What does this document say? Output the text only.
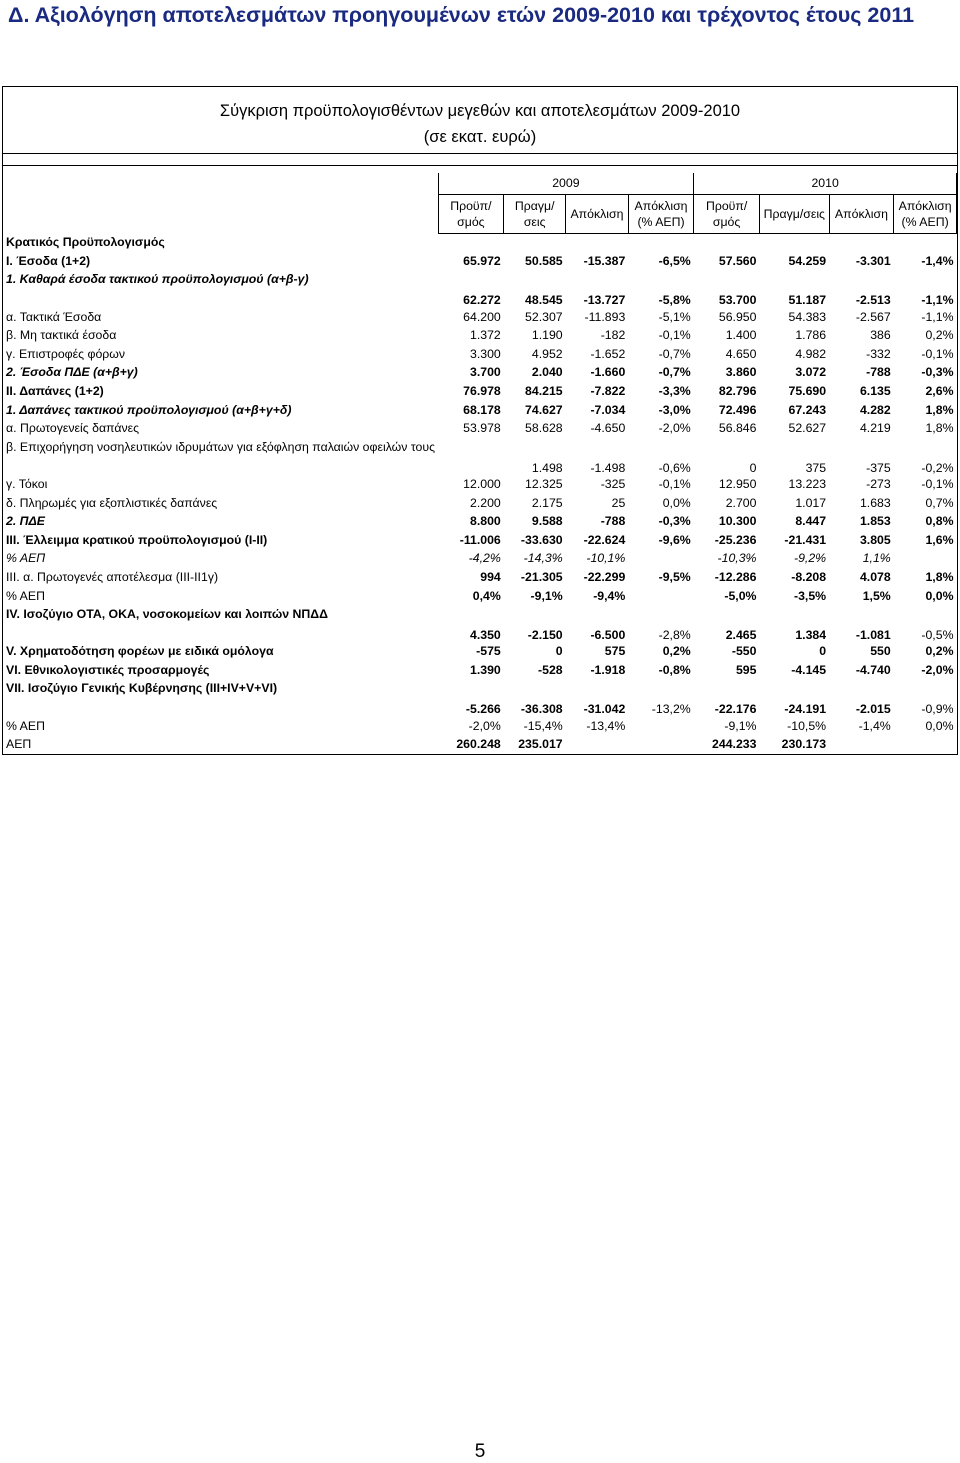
Δ. Αξιολόγηση αποτελεσμάτων προηγουμένων ετών 2009-2010 και τρέχοντος έτους 2011
Σύγκριση προϋπολογισθέντων μεγεθών και αποτελεσμάτων 2009-2010
(σε εκατ. ευρώ)
	2009				2010			
	Προϋπ/σμός	Πραγμ/σεις	Απόκλιση	Απόκλιση (% ΑΕΠ)	Προϋπ/σμός	Πραγμ/σεις	Απόκλιση	Απόκλιση (% ΑΕΠ)
Κρατικός Προϋπολογισμός								
Ι. Έσοδα (1+2)	65.972	50.585	-15.387	-6,5%	57.560	54.259	-3.301	-1,4%
1. Καθαρά έσοδα τακτικού προϋπολογισμού (α+β-γ)	62.272	48.545	-13.727	-5,8%	53.700	51.187	-2.513	-1,1%
α. Τακτικά Έσοδα	64.200	52.307	-11.893	-5,1%	56.950	54.383	-2.567	-1,1%
β. Μη τακτικά έσοδα	1.372	1.190	-182	-0,1%	1.400	1.786	386	0,2%
γ. Επιστροφές φόρων	3.300	4.952	-1.652	-0,7%	4.650	4.982	-332	-0,1%
2. Έσοδα ΠΔΕ (α+β+γ)	3.700	2.040	-1.660	-0,7%	3.860	3.072	-788	-0,3%
ΙΙ. Δαπάνες (1+2)	76.978	84.215	-7.822	-3,3%	82.796	75.690	6.135	2,6%
1. Δαπάνες τακτικού προϋπολογισμού (α+β+γ+δ)	68.178	74.627	-7.034	-3,0%	72.496	67.243	4.282	1,8%
α. Πρωτογενείς δαπάνες	53.978	58.628	-4.650	-2,0%	56.846	52.627	4.219	1,8%
β. Επιχορήγηση νοσηλευτικών ιδρυμάτων για εξόφληση παλαιών οφειλών τους		1.498	-1.498	-0,6%	0	375	-375	-0,2%
γ. Τόκοι	12.000	12.325	-325	-0,1%	12.950	13.223	-273	-0,1%
δ. Πληρωμές για εξοπλιστικές δαπάνες	2.200	2.175	25	0,0%	2.700	1.017	1.683	0,7%
2. ΠΔΕ	8.800	9.588	-788	-0,3%	10.300	8.447	1.853	0,8%
ΙΙΙ. Έλλειμμα κρατικού προϋπολογισμού (Ι-ΙΙ)	-11.006	-33.630	-22.624	-9,6%	-25.236	-21.431	3.805	1,6%
% ΑΕΠ	-4,2%	-14,3%	-10,1%		-10,3%	-9,2%	1,1%	
ΙΙΙ. α. Πρωτογενές αποτέλεσμα (ΙΙΙ-ΙΙ1γ)	994	-21.305	-22.299	-9,5%	-12.286	-8.208	4.078	1,8%
% ΑΕΠ	0,4%	-9,1%	-9,4%		-5,0%	-3,5%	1,5%	0,0%
IV. Ισοζύγιο ΟΤΑ, ΟΚΑ, νοσοκομείων και λοιπών ΝΠΔΔ	4.350	-2.150	-6.500	-2,8%	2.465	1.384	-1.081	-0,5%
V. Χρηματοδότηση φορέων με ειδικά ομόλογα	-575	0	575	0,2%	-550	0	550	0,2%
VI. Εθνικολογιστικές προσαρμογές	1.390	-528	-1.918	-0,8%	595	-4.145	-4.740	-2,0%
VII. Ισοζύγιο Γενικής Κυβέρνησης (III+IV+V+VI)	-5.266	-36.308	-31.042	-13,2%	-22.176	-24.191	-2.015	-0,9%
% ΑΕΠ	-2,0%	-15,4%	-13,4%		-9,1%	-10,5%	-1,4%	0,0%
ΑΕΠ	260.248	235.017			244.233	230.173		
5
